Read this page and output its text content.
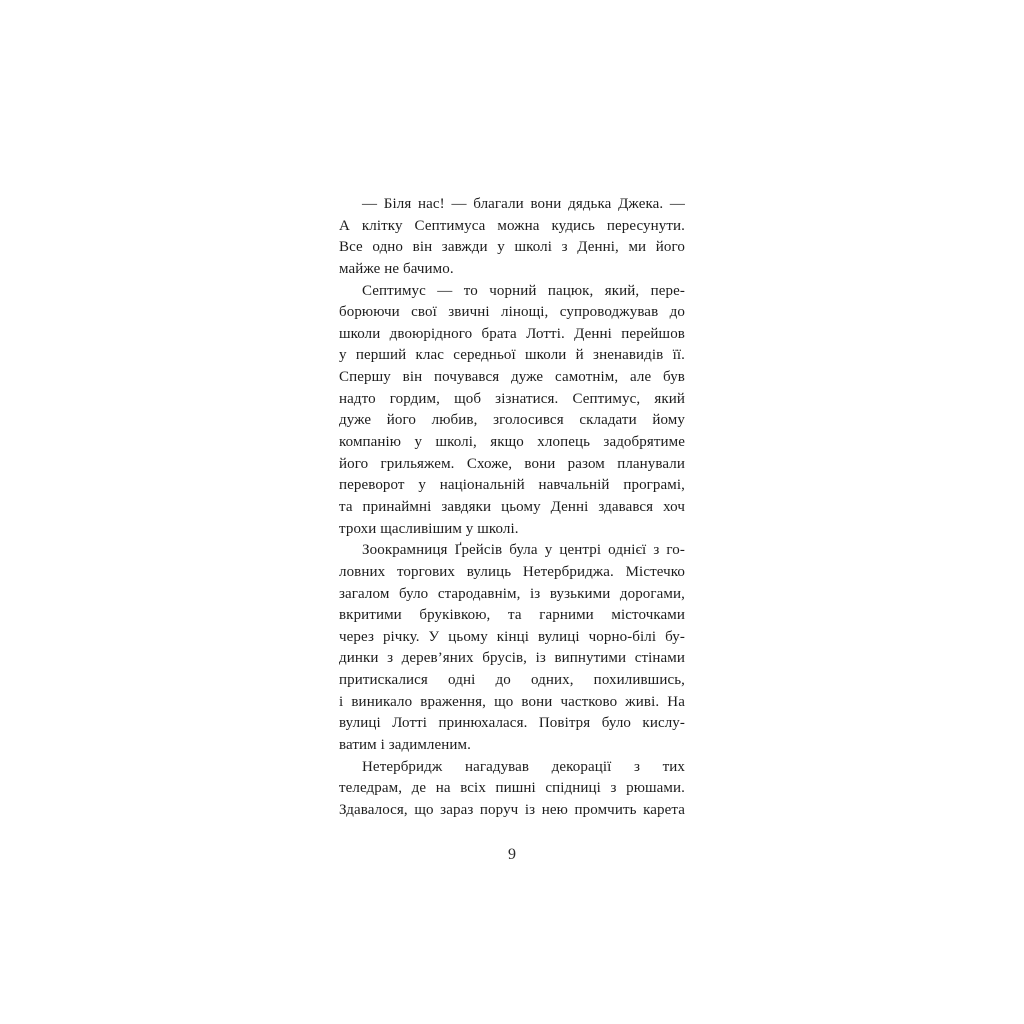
— Біля нас! — благали вони дядька Джека. —
А клітку Септимуса можна кудись пересунути.
Все одно він завжди у школі з Денні, ми його
майже не бачимо.
Септимус — то чорний пацюк, який, пере-
борюючи свої звичні лінощі, супроводжував до
школи двоюрідного брата Лотті. Денні перейшов
у перший клас середньої школи й зненавидів її.
Спершу він почувався дуже самотнім, але був
надто гордим, щоб зізнатися. Септимус, який
дуже його любив, зголосився складати йому
компанію у школі, якщо хлопець задобрятиме
його грильяжем. Схоже, вони разом планували
переворот у національній навчальній програмі,
та принаймні завдяки цьому Денні здавався хоч
трохи щасливішим у школі.
Зоокрамниця Ґрейсів була у центрі однієї з го-
ловних торгових вулиць Нетербриджа. Містечко
загалом було стародавнім, із вузькими дорогами,
вкритими бруківкою, та гарними місточками
через річку. У цьому кінці вулиці чорно-білі бу-
динки з дерев’яних брусів, із випнутими стінами
притискалися одні до одних, похилившись,
і виникало враження, що вони частково живі. На
вулиці Лотті принюхалася. Повітря було кислу-
ватим і задимленим.
Нетербридж нагадував декорації з тих
теледрам, де на всіх пишні спідниці з рюшами.
Здавалося, що зараз поруч із нею промчить карета
9
